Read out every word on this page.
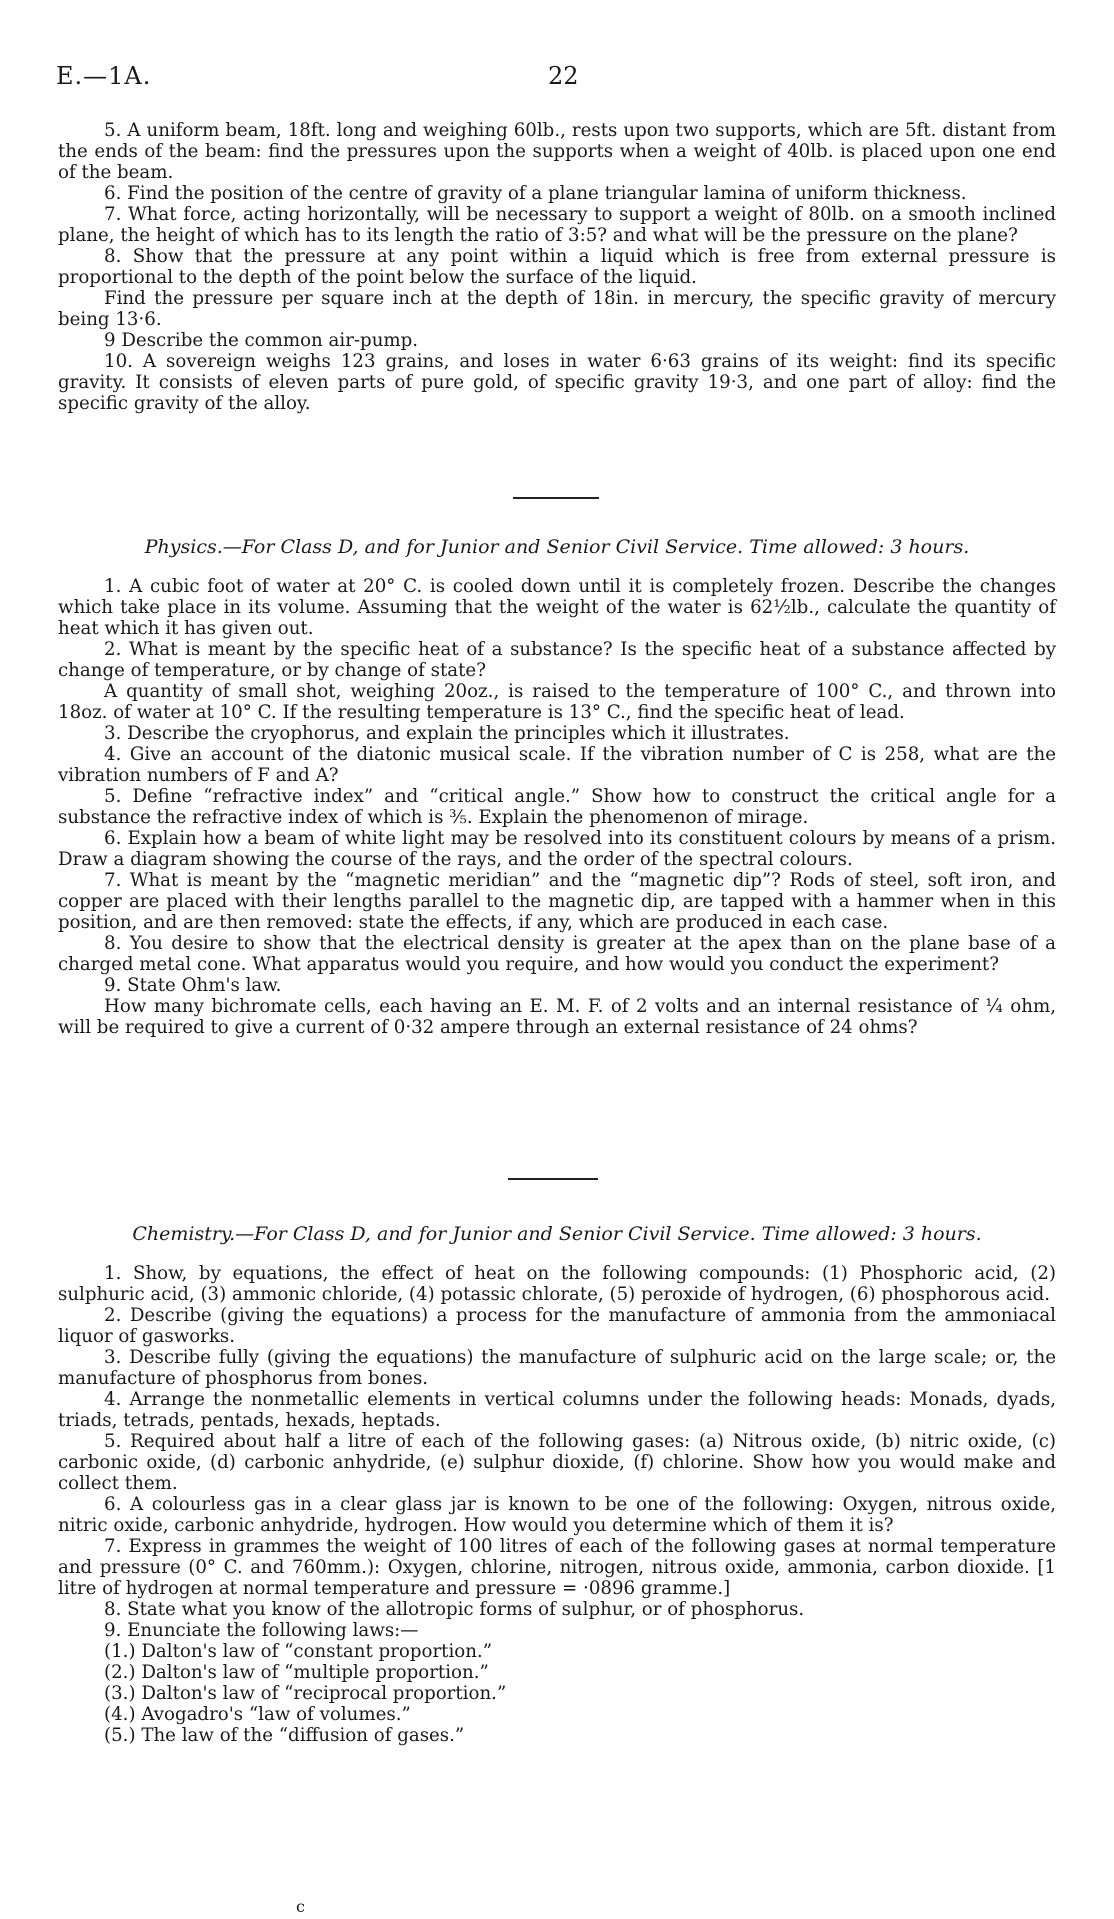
E.—1A.	22

5. A uniform beam, 18ft. long and weighing 60lb., rests upon two supports, which are 5ft. distant from the ends of the beam: find the pressures upon the supports when a weight of 40lb. is placed upon one end of the beam.

6. Find the position of the centre of gravity of a plane triangular lamina of uniform thickness.

7. What force, acting horizontally, will be necessary to support a weight of 80lb. on a smooth inclined plane, the height of which has to its length the ratio of 3:5? and what will be the pressure on the plane?

8. Show that the pressure at any point within a liquid which is free from external pressure is proportional to the depth of the point below the surface of the liquid.

Find the pressure per square inch at the depth of 18in. in mercury, the specific gravity of mercury being 13·6.

9 Describe the common air-pump.

10. A sovereign weighs 123 grains, and loses in water 6·63 grains of its weight: find its specific gravity. It consists of eleven parts of pure gold, of specific gravity 19·3, and one part of alloy: find the specific gravity of the alloy.

Physics.—For Class D, and for Junior and Senior Civil Service. Time allowed: 3 hours.

1. A cubic foot of water at 20° C. is cooled down until it is completely frozen. Describe the changes which take place in its volume. Assuming that the weight of the water is 62½lb., calculate the quantity of heat which it has given out.

2. What is meant by the specific heat of a substance? Is the specific heat of a substance affected by change of temperature, or by change of state?

A quantity of small shot, weighing 20oz., is raised to the temperature of 100° C., and thrown into 18oz. of water at 10° C. If the resulting temperature is 13° C., find the specific heat of lead.

3. Describe the cryophorus, and explain the principles which it illustrates.

4. Give an account of the diatonic musical scale. If the vibration number of C is 258, what are the vibration numbers of F and A?

5. Define “refractive index” and “critical angle.” Show how to construct the critical angle for a substance the refractive index of which is ⅗. Explain the phenomenon of mirage.

6. Explain how a beam of white light may be resolved into its constituent colours by means of a prism. Draw a diagram showing the course of the rays, and the order of the spectral colours.

7. What is meant by the “magnetic meridian” and the “magnetic dip”? Rods of steel, soft iron, and copper are placed with their lengths parallel to the magnetic dip, are tapped with a hammer when in this position, and are then removed: state the effects, if any, which are produced in each case.

8. You desire to show that the electrical density is greater at the apex than on the plane base of a charged metal cone. What apparatus would you require, and how would you conduct the experiment?

9. State Ohm's law.

How many bichromate cells, each having an E. M. F. of 2 volts and an internal resistance of ¼ ohm, will be required to give a current of 0·32 ampere through an external resistance of 24 ohms?

Chemistry.—For Class D, and for Junior and Senior Civil Service. Time allowed: 3 hours.

1. Show, by equations, the effect of heat on the following compounds: (1) Phosphoric acid, (2) sulphuric acid, (3) ammonic chloride, (4) potassic chlorate, (5) peroxide of hydrogen, (6) phosphorous acid.

2. Describe (giving the equations) a process for the manufacture of ammonia from the ammoniacal liquor of gasworks.

3. Describe fully (giving the equations) the manufacture of sulphuric acid on the large scale; or, the manufacture of phosphorus from bones.

4. Arrange the nonmetallic elements in vertical columns under the following heads: Monads, dyads, triads, tetrads, pentads, hexads, heptads.

5. Required about half a litre of each of the following gases: (a) Nitrous oxide, (b) nitric oxide, (c) carbonic oxide, (d) carbonic anhydride, (e) sulphur dioxide, (f) chlorine. Show how you would make and collect them.

6. A colourless gas in a clear glass jar is known to be one of the following: Oxygen, nitrous oxide, nitric oxide, carbonic anhydride, hydrogen. How would you determine which of them it is?

7. Express in grammes the weight of 100 litres of each of the following gases at normal temperature and pressure (0° C. and 760mm.): Oxygen, chlorine, nitrogen, nitrous oxide, ammonia, carbon dioxide. [1 litre of hydrogen at normal temperature and pressure = ·0896 gramme.]

8. State what you know of the allotropic forms of sulphur, or of phosphorus.

9. Enunciate the following laws:—

(1.) Dalton's law of “constant proportion.”

(2.) Dalton's law of “multiple proportion.”

(3.) Dalton's law of “reciprocal proportion.”

(4.) Avogadro's “law of volumes.”

(5.) The law of the “diffusion of gases.”

c
